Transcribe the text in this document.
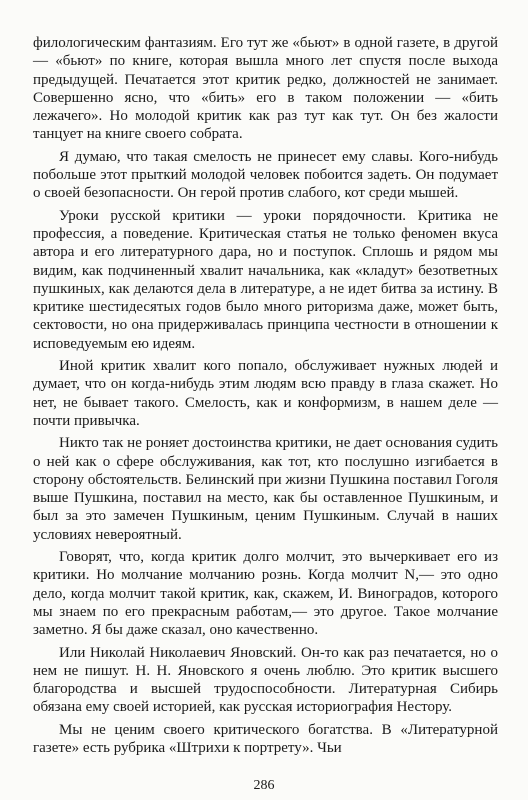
филологическим фантазиям. Его тут же «бьют» в одной газете, в другой — «бьют» по книге, которая вышла много лет спустя после выхода предыдущей. Печатается этот критик редко, должностей не занимает. Совершенно ясно, что «бить» его в таком положении — «бить лежачего». Но молодой критик как раз тут как тут. Он без жалости танцует на книге своего собрата.

Я думаю, что такая смелость не принесет ему славы. Кого-нибудь побольше этот прыткий молодой человек побоится задеть. Он подумает о своей безопасности. Он герой против слабого, кот среди мышей.

Уроки русской критики — уроки порядочности. Критика не профессия, а поведение. Критическая статья не только феномен вкуса автора и его литературного дара, но и поступок. Сплошь и рядом мы видим, как подчиненный хвалит начальника, как «кладут» безответных пушкиных, как делаются дела в литературе, а не идет битва за истину. В критике шестидесятых годов было много риторизма даже, может быть, сектовости, но она придерживалась принципа честности в отношении к исповедуемым ею идеям.

Иной критик хвалит кого попало, обслуживает нужных людей и думает, что он когда-нибудь этим людям всю правду в глаза скажет. Но нет, не бывает такого. Смелость, как и конформизм, в нашем деле — почти привычка.

Никто так не роняет достоинства критики, не дает основания судить о ней как о сфере обслуживания, как тот, кто послушно изгибается в сторону обстоятельств. Белинский при жизни Пушкина поставил Гоголя выше Пушкина, поставил на место, как бы оставленное Пушкиным, и был за это замечен Пушкиным, ценим Пушкиным. Случай в наших условиях невероятный.

Говорят, что, когда критик долго молчит, это вычеркивает его из критики. Но молчание молчанию рознь. Когда молчит N,— это одно дело, когда молчит такой критик, как, скажем, И. Виноградов, которого мы знаем по его прекрасным работам,— это другое. Такое молчание заметно. Я бы даже сказал, оно качественно.

Или Николай Николаевич Яновский. Он-то как раз печатается, но о нем не пишут. Н. Н. Яновского я очень люблю. Это критик высшего благородства и высшей трудоспособности. Литературная Сибирь обязана ему своей историей, как русская историография Нестору.

Мы не ценим своего критического богатства. В «Литературной газете» есть рубрика «Штрихи к портрету». Чьи

286
